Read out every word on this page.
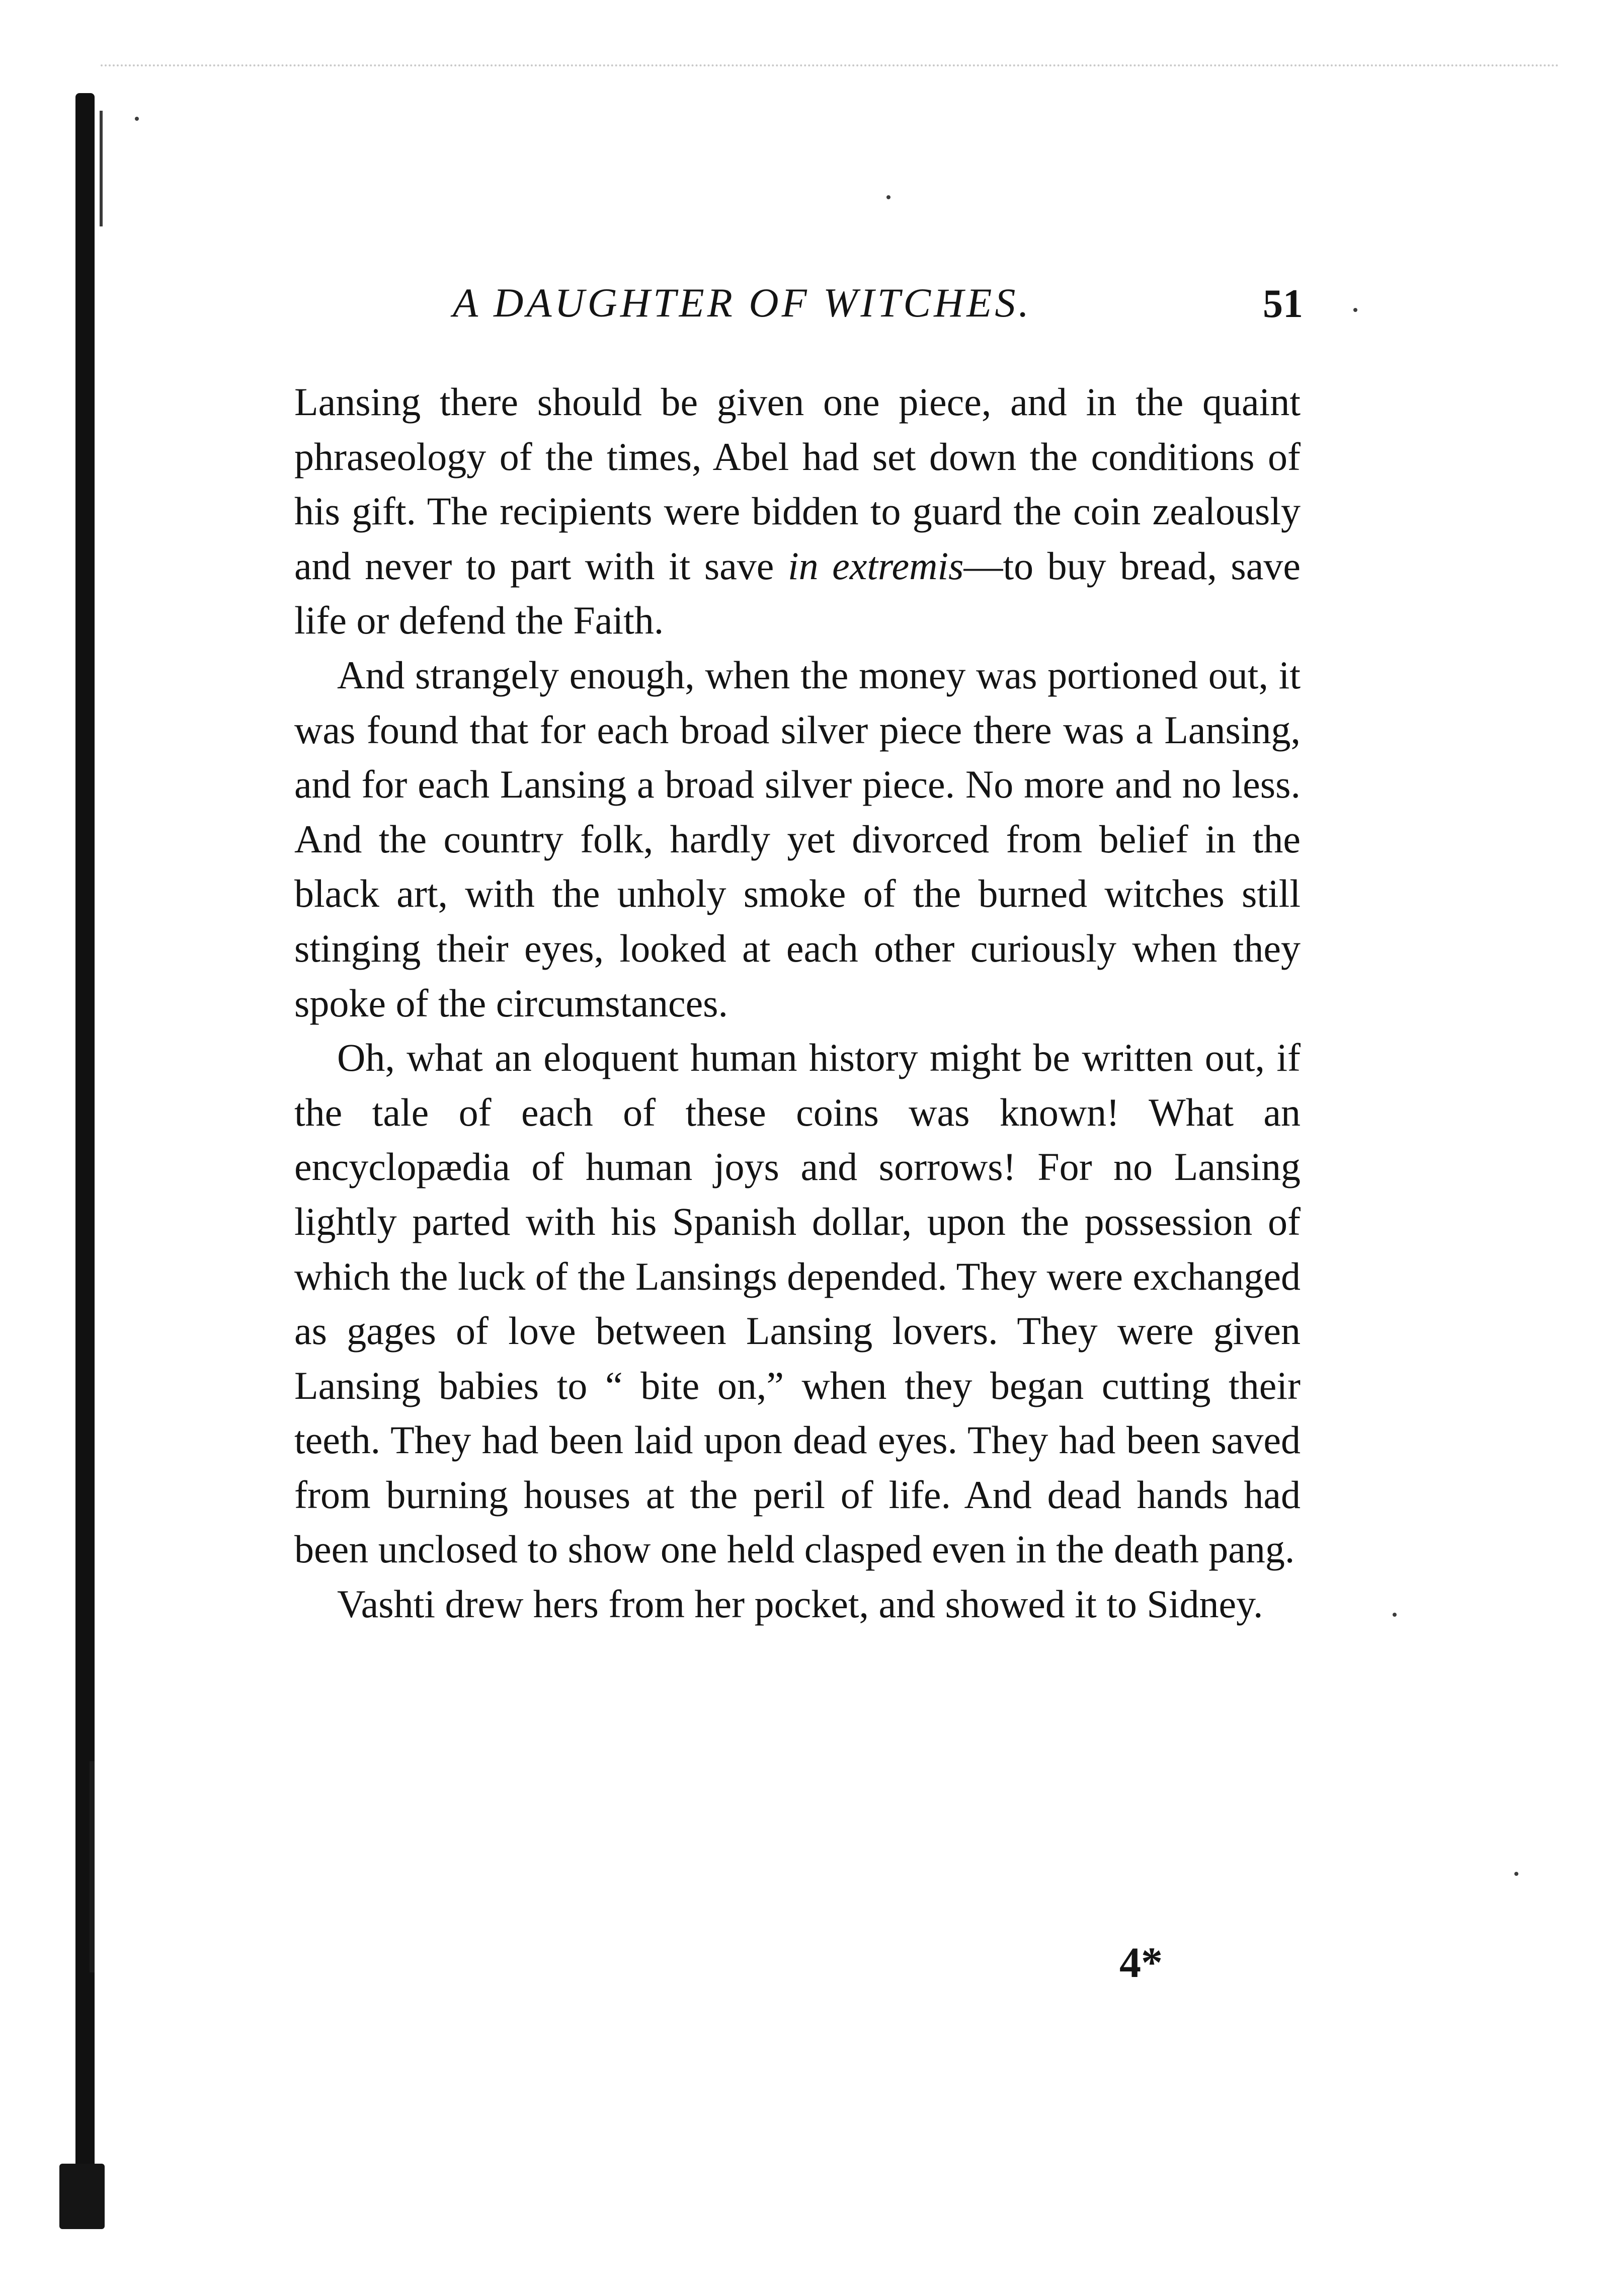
A DAUGHTER OF WITCHES.	51

Lansing there should be given one piece, and in the quaint phraseology of the times, Abel had set down the conditions of his gift. The recipients were bidden to guard the coin zealously and never to part with it save in extremis—to buy bread, save life or defend the Faith.

And strangely enough, when the money was portioned out, it was found that for each broad silver piece there was a Lansing, and for each Lansing a broad silver piece. No more and no less. And the country folk, hardly yet divorced from belief in the black art, with the unholy smoke of the burned witches still stinging their eyes, looked at each other curiously when they spoke of the circumstances.

Oh, what an eloquent human history might be written out, if the tale of each of these coins was known! What an encyclopædia of human joys and sorrows! For no Lansing lightly parted with his Spanish dollar, upon the possession of which the luck of the Lansings depended. They were exchanged as gages of love between Lansing lovers. They were given Lansing babies to “ bite on,” when they began cutting their teeth. They had been laid upon dead eyes. They had been saved from burning houses at the peril of life. And dead hands had been unclosed to show one held clasped even in the death pang.

Vashti drew hers from her pocket, and showed it to Sidney.

4*
